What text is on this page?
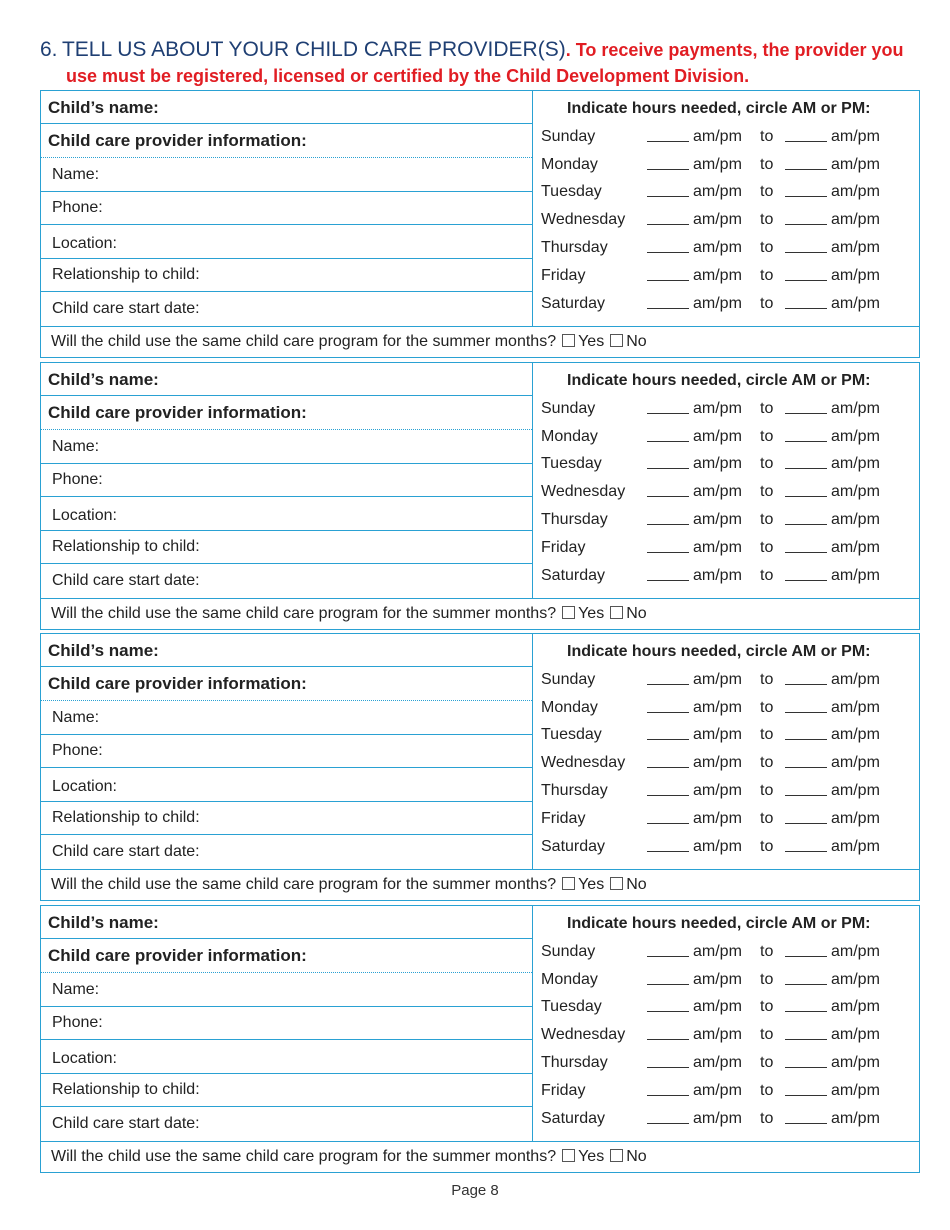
6. TELL US ABOUT YOUR CHILD CARE PROVIDER(S). To receive payments, the provider you
use must be registered, licensed or certified by the Child Development Division.
Child’s name:
Child care provider information:
Name:
Phone:
Location:
Relationship to child:
Child care start date:
Indicate hours needed, circle AM or PM:
Sunday	am/pm to	am/pm
Monday	am/pm to	am/pm
Tuesday	am/pm to	am/pm
Wednesday	am/pm to	am/pm
Thursday	am/pm to	am/pm
Friday	am/pm to	am/pm
Saturday	am/pm to	am/pm
Will the child use the same child care program for the summer months? Yes No
Child’s name:
Child care provider information:
Name:
Phone:
Location:
Relationship to child:
Child care start date:
Indicate hours needed, circle AM or PM:
Sunday	am/pm to	am/pm
Monday	am/pm to	am/pm
Tuesday	am/pm to	am/pm
Wednesday	am/pm to	am/pm
Thursday	am/pm to	am/pm
Friday	am/pm to	am/pm
Saturday	am/pm to	am/pm
Will the child use the same child care program for the summer months? Yes No
Child’s name:
Child care provider information:
Name:
Phone:
Location:
Relationship to child:
Child care start date:
Indicate hours needed, circle AM or PM:
Sunday	am/pm to	am/pm
Monday	am/pm to	am/pm
Tuesday	am/pm to	am/pm
Wednesday	am/pm to	am/pm
Thursday	am/pm to	am/pm
Friday	am/pm to	am/pm
Saturday	am/pm to	am/pm
Will the child use the same child care program for the summer months? Yes No
Child’s name:
Child care provider information:
Name:
Phone:
Location:
Relationship to child:
Child care start date:
Indicate hours needed, circle AM or PM:
Sunday	am/pm to	am/pm
Monday	am/pm to	am/pm
Tuesday	am/pm to	am/pm
Wednesday	am/pm to	am/pm
Thursday	am/pm to	am/pm
Friday	am/pm to	am/pm
Saturday	am/pm to	am/pm
Will the child use the same child care program for the summer months? Yes No
Page 8
